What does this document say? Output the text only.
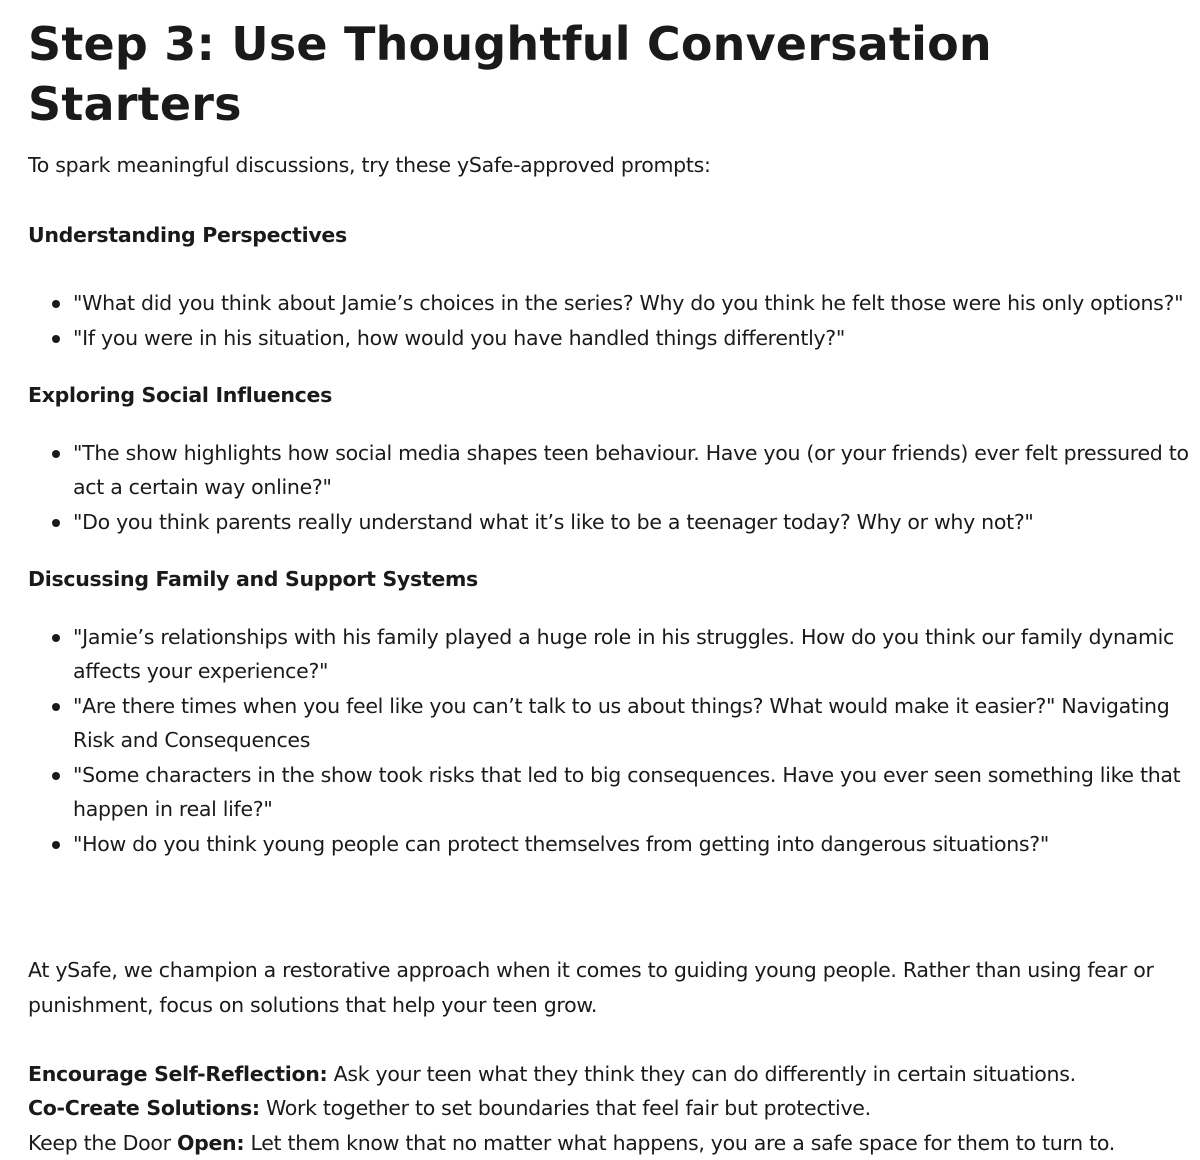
Step 3: Use Thoughtful Conversation Starters

To spark meaningful discussions, try these ySafe-approved prompts:

Understanding Perspectives

"What did you think about Jamie’s choices in the series? Why do you think he felt those were his only options?"
"If you were in his situation, how would you have handled things differently?"

Exploring Social Influences

"The show highlights how social media shapes teen behaviour. Have you (or your friends) ever felt pressured to act a certain way online?"
"Do you think parents really understand what it’s like to be a teenager today? Why or why not?"

Discussing Family and Support Systems

"Jamie’s relationships with his family played a huge role in his struggles. How do you think our family dynamic affects your experience?"
"Are there times when you feel like you can’t talk to us about things? What would make it easier?" Navigating Risk and Consequences
"Some characters in the show took risks that led to big consequences. Have you ever seen something like that happen in real life?"
"How do you think young people can protect themselves from getting into dangerous situations?"

At ySafe, we champion a restorative approach when it comes to guiding young people. Rather than using fear or punishment, focus on solutions that help your teen grow.

Encourage Self-Reflection: Ask your teen what they think they can do differently in certain situations.

Co-Create Solutions: Work together to set boundaries that feel fair but protective.

Keep the Door Open: Let them know that no matter what happens, you are a safe space for them to turn to.
